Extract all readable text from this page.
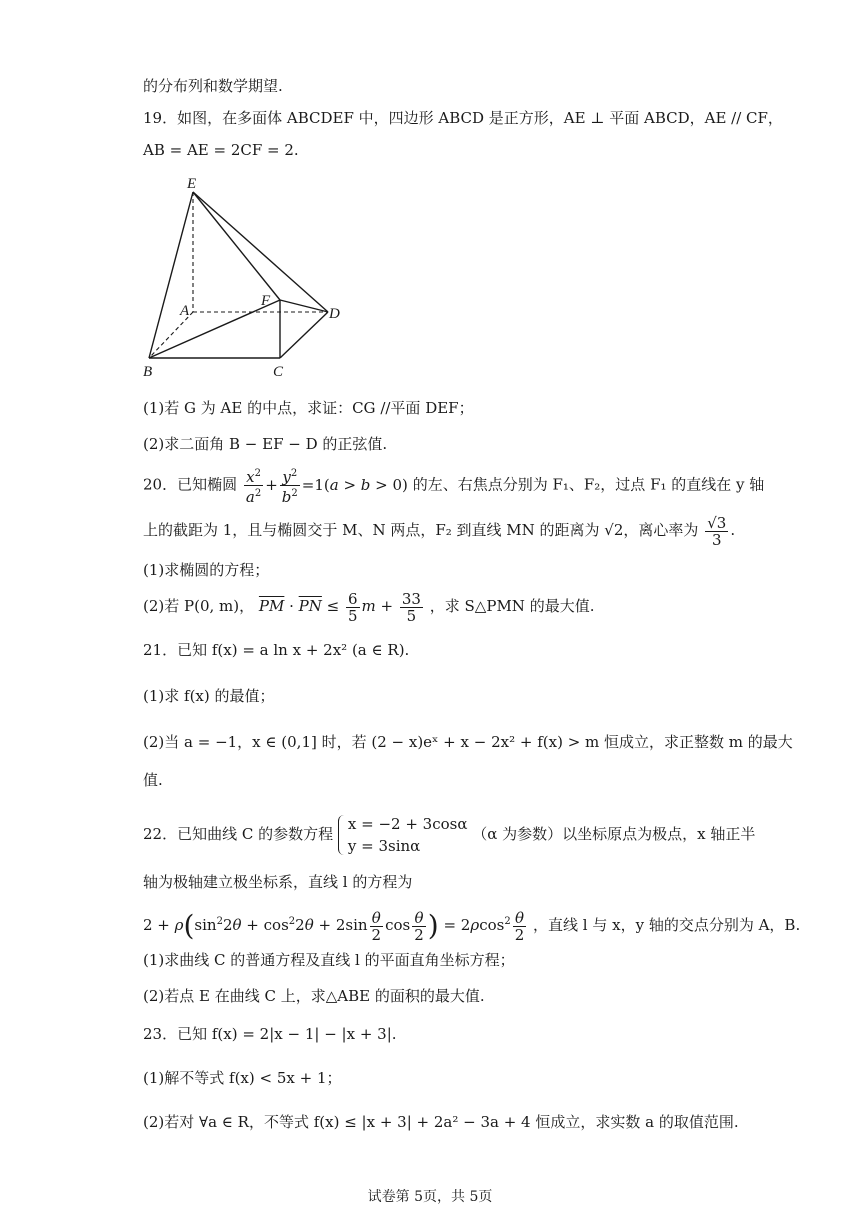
的分布列和数学期望.
19．如图，在多面体 ABCDEF 中，四边形 ABCD 是正方形，AE ⊥ 平面 ABCD，AE // CF，
AB = AE = 2CF = 2.
E
A
F
D
B	C
(1)若 G 为 AE 的中点，求证：CG //平面 DEF；
(2)求二面角 B − EF − D 的正弦值.
20．已知椭圆 $\frac{x^2}{a^2} + \frac{y^2}{b^2} =1(a > b > 0)$ 的左、右焦点分别为 F₁、F₂，过点 F₁ 的直线在 y 轴
上的截距为 1，且与椭圆交于 M、N 两点，F₂ 到直线 MN 的距离为 √2，离心率为 $\frac{√3}{3}$ .
(1)求椭圆的方程；
(2)若 P(0, m)， $\overline{PM} \cdot \overline{PN} \le \frac{6}{5}$ $m + \frac{33}{5}$ ，求 S△PMN 的最大值.
21．已知 f(x) = a ln x + 2x² (a ∈ R).
(1)求 f(x) 的最值；
(2)当 a = −1，x ∈ (0,1] 时，若 (2 − x)eˣ + x − 2x² + f(x) > m 恒成立，求正整数 m 的最大
值.
22．已知曲线 C 的参数方程
x = −2 + 3cosα
y = 3sinα
（α 为参数）以坐标原点为极点，x 轴正半
轴为极轴建立极坐标系，直线 l 的方程为
$2 + \rho(\sin^22\theta + \cos^22\theta + 2\sin \frac{\theta}{2}$ $\cos \frac{\theta}{2}$ ) = $2\rho\cos^2 \frac{\theta}{2}$ ，直线 l 与 x，y 轴的交点分别为 A，B.
(1)求曲线 C 的普通方程及直线 l 的平面直角坐标方程；
(2)若点 E 在曲线 C 上，求△ABE 的面积的最大值.
23．已知 f(x) = 2|x − 1| − |x + 3|.
(1)解不等式 f(x) < 5x + 1；
(2)若对 ∀a ∈ R，不等式 f(x) ≤ |x + 3| + 2a² − 3a + 4 恒成立，求实数 a 的取值范围.
试卷第 5页，共 5页
